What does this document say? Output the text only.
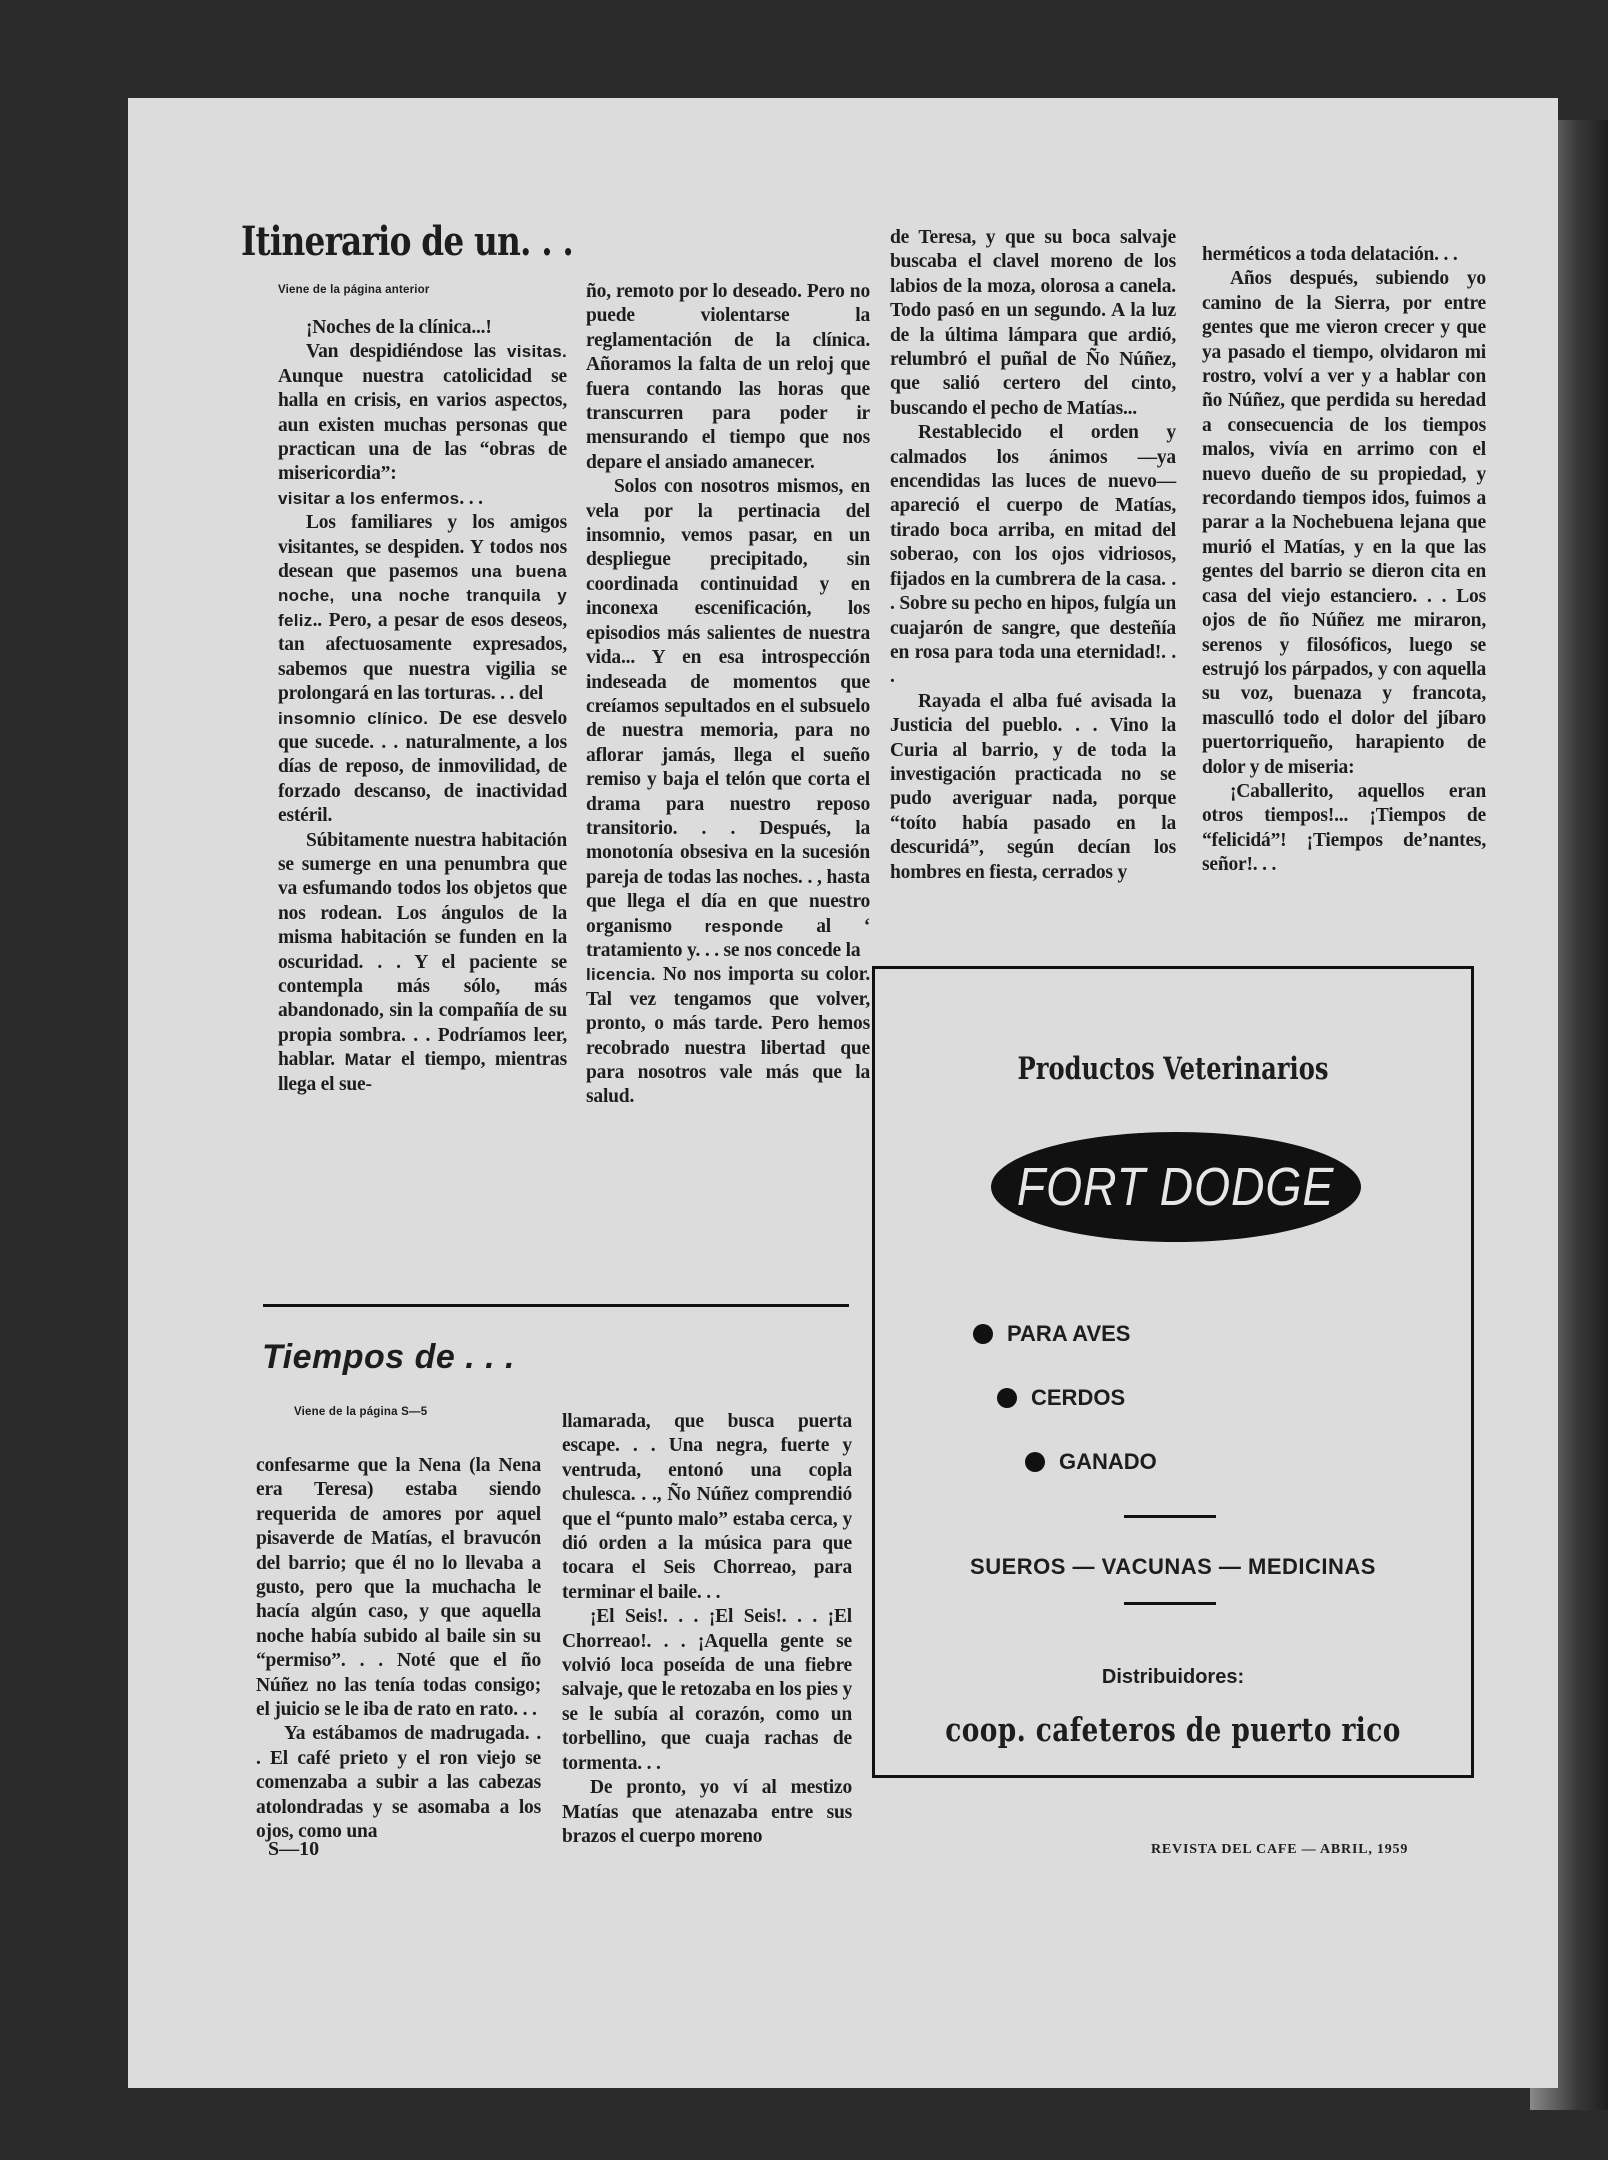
Itinerario de un. . .
Viene de la página anterior

¡Noches de la clínica...!

Van despidiéndose las visitas. Aunque nuestra catolicidad se halla en crisis, en varios aspectos, aun existen muchas personas que practican una de las “obras de misericordia”:

visitar a los enfermos. . .

Los familiares y los amigos visitantes, se despiden. Y todos nos desean que pasemos una buena noche, una noche tranquila y feliz.. Pero, a pesar de esos deseos, tan afectuosamente expresados, sabemos que nuestra vigilia se prolongará en las torturas. . . del

insomnio clínico. De ese desvelo que sucede. . . naturalmente, a los días de reposo, de inmovilidad, de forzado descanso, de inactividad estéril.

Súbitamente nuestra habitación se sumerge en una penumbra que va esfumando todos los objetos que nos rodean. Los ángulos de la misma habitación se funden en la oscuridad. . . Y el paciente se contempla más sólo, más abandonado, sin la compañía de su propia sombra. . . Podríamos leer, hablar. Matar el tiempo, mientras llega el sue-

ño, remoto por lo deseado. Pero no puede violentarse la reglamentación de la clínica. Añoramos la falta de un reloj que fuera contando las horas que transcurren para poder ir mensurando el tiempo que nos depare el ansiado amanecer.

Solos con nosotros mismos, en vela por la pertinacia del insomnio, vemos pasar, en un despliegue precipitado, sin coordinada continuidad y en inconexa escenificación, los episodios más salientes de nuestra vida... Y en esa introspección indeseada de momentos que creíamos sepultados en el subsuelo de nuestra memoria, para no aflorar jamás, llega el sueño remiso y baja el telón que corta el drama para nuestro reposo transitorio. . . Después, la monotonía obsesiva en la sucesión pareja de todas las noches. . , hasta que llega el día en que nuestro organismo responde al ‘ tratamiento y. . . se nos concede la

licencia. No nos importa su color. Tal vez tengamos que volver, pronto, o más tarde. Pero hemos recobrado nuestra libertad que para nosotros vale más que la salud.

de Teresa, y que su boca salvaje buscaba el clavel moreno de los labios de la moza, olorosa a canela. Todo pasó en un segundo. A la luz de la última lámpara que ardió, relumbró el puñal de Ño Núñez, que salió certero del cinto, buscando el pecho de Matías...

Restablecido el orden y calmados los ánimos —ya encendidas las luces de nuevo— apareció el cuerpo de Matías, tirado boca arriba, en mitad del soberao, con los ojos vidriosos, fijados en la cumbrera de la casa. . . Sobre su pecho en hipos, fulgía un cuajarón de sangre, que desteñía en rosa para toda una eternidad!. . .

Rayada el alba fué avisada la Justicia del pueblo. . . Vino la Curia al barrio, y de toda la investigación practicada no se pudo averiguar nada, porque “toíto había pasado en la descuridá”, según decían los hombres en fiesta, cerrados y

herméticos a toda delatación. . .

Años después, subiendo yo camino de la Sierra, por entre gentes que me vieron crecer y que ya pasado el tiempo, olvidaron mi rostro, volví a ver y a hablar con ño Núñez, que perdida su heredad a consecuencia de los tiempos malos, vivía en arrimo con el nuevo dueño de su propiedad, y recordando tiempos idos, fuimos a parar a la Nochebuena lejana que murió el Matías, y en la que las gentes del barrio se dieron cita en casa del viejo estanciero. . . Los ojos de ño Núñez me miraron, serenos y filosóficos, luego se estrujó los párpados, y con aquella su voz, buenaza y francota, masculló todo el dolor del jíbaro puertorriqueño, harapiento de dolor y de miseria:

¡Caballerito, aquellos eran otros tiempos!... ¡Tiempos de “felicidá”! ¡Tiempos de’nantes, señor!. . .

Tiempos de . . .
Viene de la página S—5

confesarme que la Nena (la Nena era Teresa) estaba siendo requerida de amores por aquel pisaverde de Matías, el bravucón del barrio; que él no lo llevaba a gusto, pero que la muchacha le hacía algún caso, y que aquella noche había subido al baile sin su “permiso”. . . Noté que el ño Núñez no las tenía todas consigo; el juicio se le iba de rato en rato. . .

Ya estábamos de madrugada. . . El café prieto y el ron viejo se comenzaba a subir a las cabezas atolondradas y se asomaba a los ojos, como una

llamarada, que busca puerta escape. . . Una negra, fuerte y ventruda, entonó una copla chulesca. . ., Ño Núñez comprendió que el “punto malo” estaba cerca, y dió orden a la música para que tocara el Seis Chorreao, para terminar el baile. . .

¡El Seis!. . . ¡El Seis!. . . ¡El Chorreao!. . . ¡Aquella gente se volvió loca poseída de una fiebre salvaje, que le retozaba en los pies y se le subía al corazón, como un torbellino, que cuaja rachas de tormenta. . .

De pronto, yo ví al mestizo Matías que atenazaba entre sus brazos el cuerpo moreno

Productos Veterinarios
FORT DODGE
PARA AVES
CERDOS
GANADO
SUEROS — VACUNAS — MEDICINAS
Distribuidores:
coop. cafeteros de puerto rico
S—10	REVISTA DEL CAFE — ABRIL, 1959
